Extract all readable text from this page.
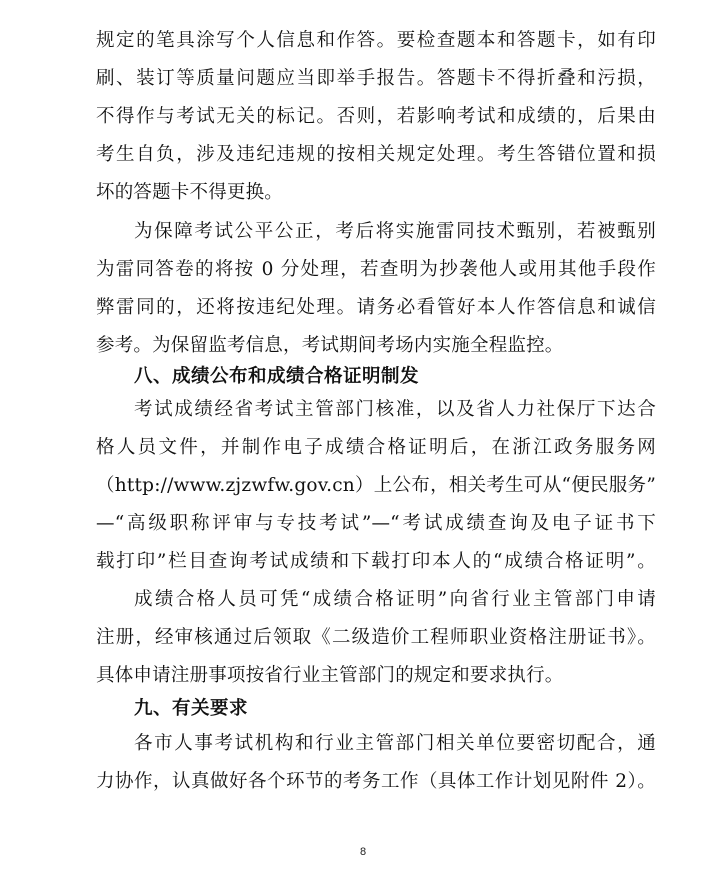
规定的笔具涂写个人信息和作答。要检查题本和答题卡，如有印
刷、装订等质量问题应当即举手报告。答题卡不得折叠和污损，
不得作与考试无关的标记。否则，若影响考试和成绩的，后果由
考生自负，涉及违纪违规的按相关规定处理。考生答错位置和损
坏的答题卡不得更换。
为保障考试公平公正，考后将实施雷同技术甄别，若被甄别
为雷同答卷的将按 0 分处理，若查明为抄袭他人或用其他手段作
弊雷同的，还将按违纪处理。请务必看管好本人作答信息和诚信
参考。为保留监考信息，考试期间考场内实施全程监控。
八、成绩公布和成绩合格证明制发
考试成绩经省考试主管部门核准，以及省人力社保厅下达合
格人员文件，并制作电子成绩合格证明后，在浙江政务服务网
（http://www.zjzwfw.gov.cn）上公布，相关考生可从“便民服务”
—“高级职称评审与专技考试”—“考试成绩查询及电子证书下
载打印”栏目查询考试成绩和下载打印本人的“成绩合格证明”。
成绩合格人员可凭“成绩合格证明”向省行业主管部门申请
注册，经审核通过后领取《二级造价工程师职业资格注册证书》。
具体申请注册事项按省行业主管部门的规定和要求执行。
九、有关要求
各市人事考试机构和行业主管部门相关单位要密切配合，通
力协作，认真做好各个环节的考务工作（具体工作计划见附件 2）。
8
